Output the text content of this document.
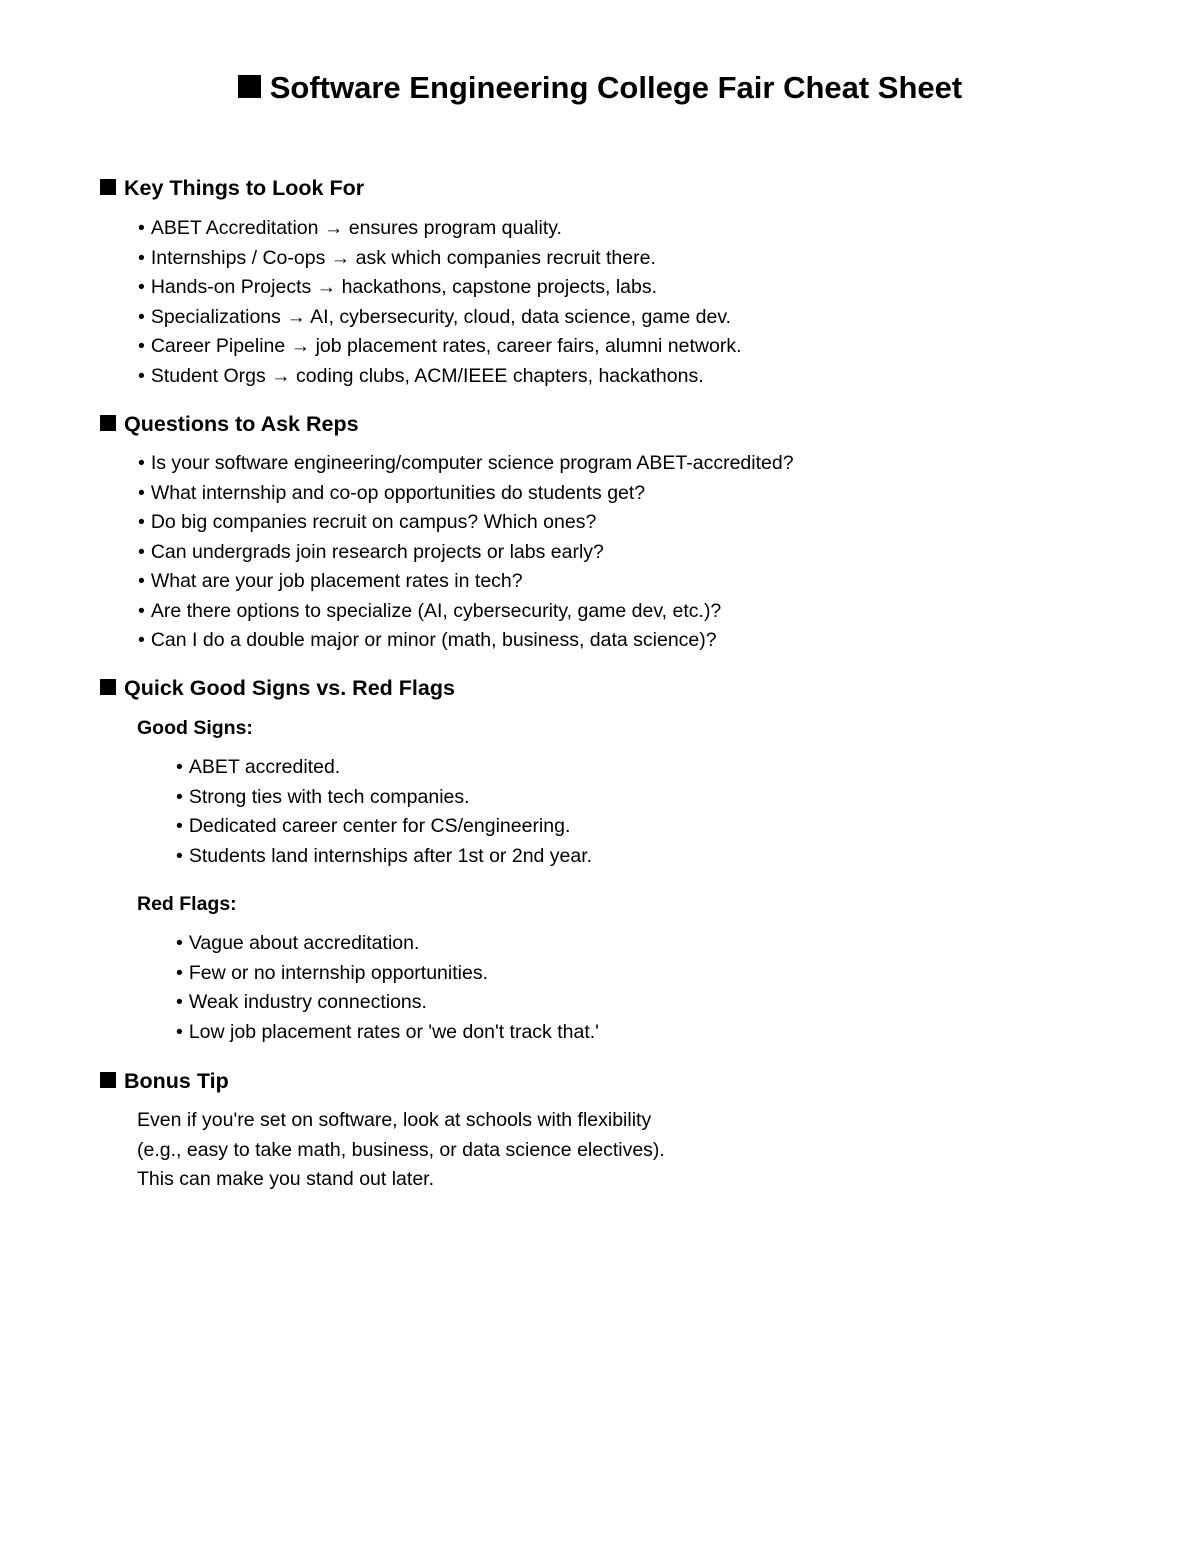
Software Engineering College Fair Cheat Sheet
Key Things to Look For
• ABET Accreditation → ensures program quality.
• Internships / Co-ops → ask which companies recruit there.
• Hands-on Projects → hackathons, capstone projects, labs.
• Specializations → AI, cybersecurity, cloud, data science, game dev.
• Career Pipeline → job placement rates, career fairs, alumni network.
• Student Orgs → coding clubs, ACM/IEEE chapters, hackathons.
Questions to Ask Reps
• Is your software engineering/computer science program ABET-accredited?
• What internship and co-op opportunities do students get?
• Do big companies recruit on campus? Which ones?
• Can undergrads join research projects or labs early?
• What are your job placement rates in tech?
• Are there options to specialize (AI, cybersecurity, game dev, etc.)?
• Can I do a double major or minor (math, business, data science)?
Quick Good Signs vs. Red Flags
Good Signs:
• ABET accredited.
• Strong ties with tech companies.
• Dedicated career center for CS/engineering.
• Students land internships after 1st or 2nd year.
Red Flags:
• Vague about accreditation.
• Few or no internship opportunities.
• Weak industry connections.
• Low job placement rates or 'we don't track that.'
Bonus Tip
Even if you're set on software, look at schools with flexibility
(e.g., easy to take math, business, or data science electives).
This can make you stand out later.
